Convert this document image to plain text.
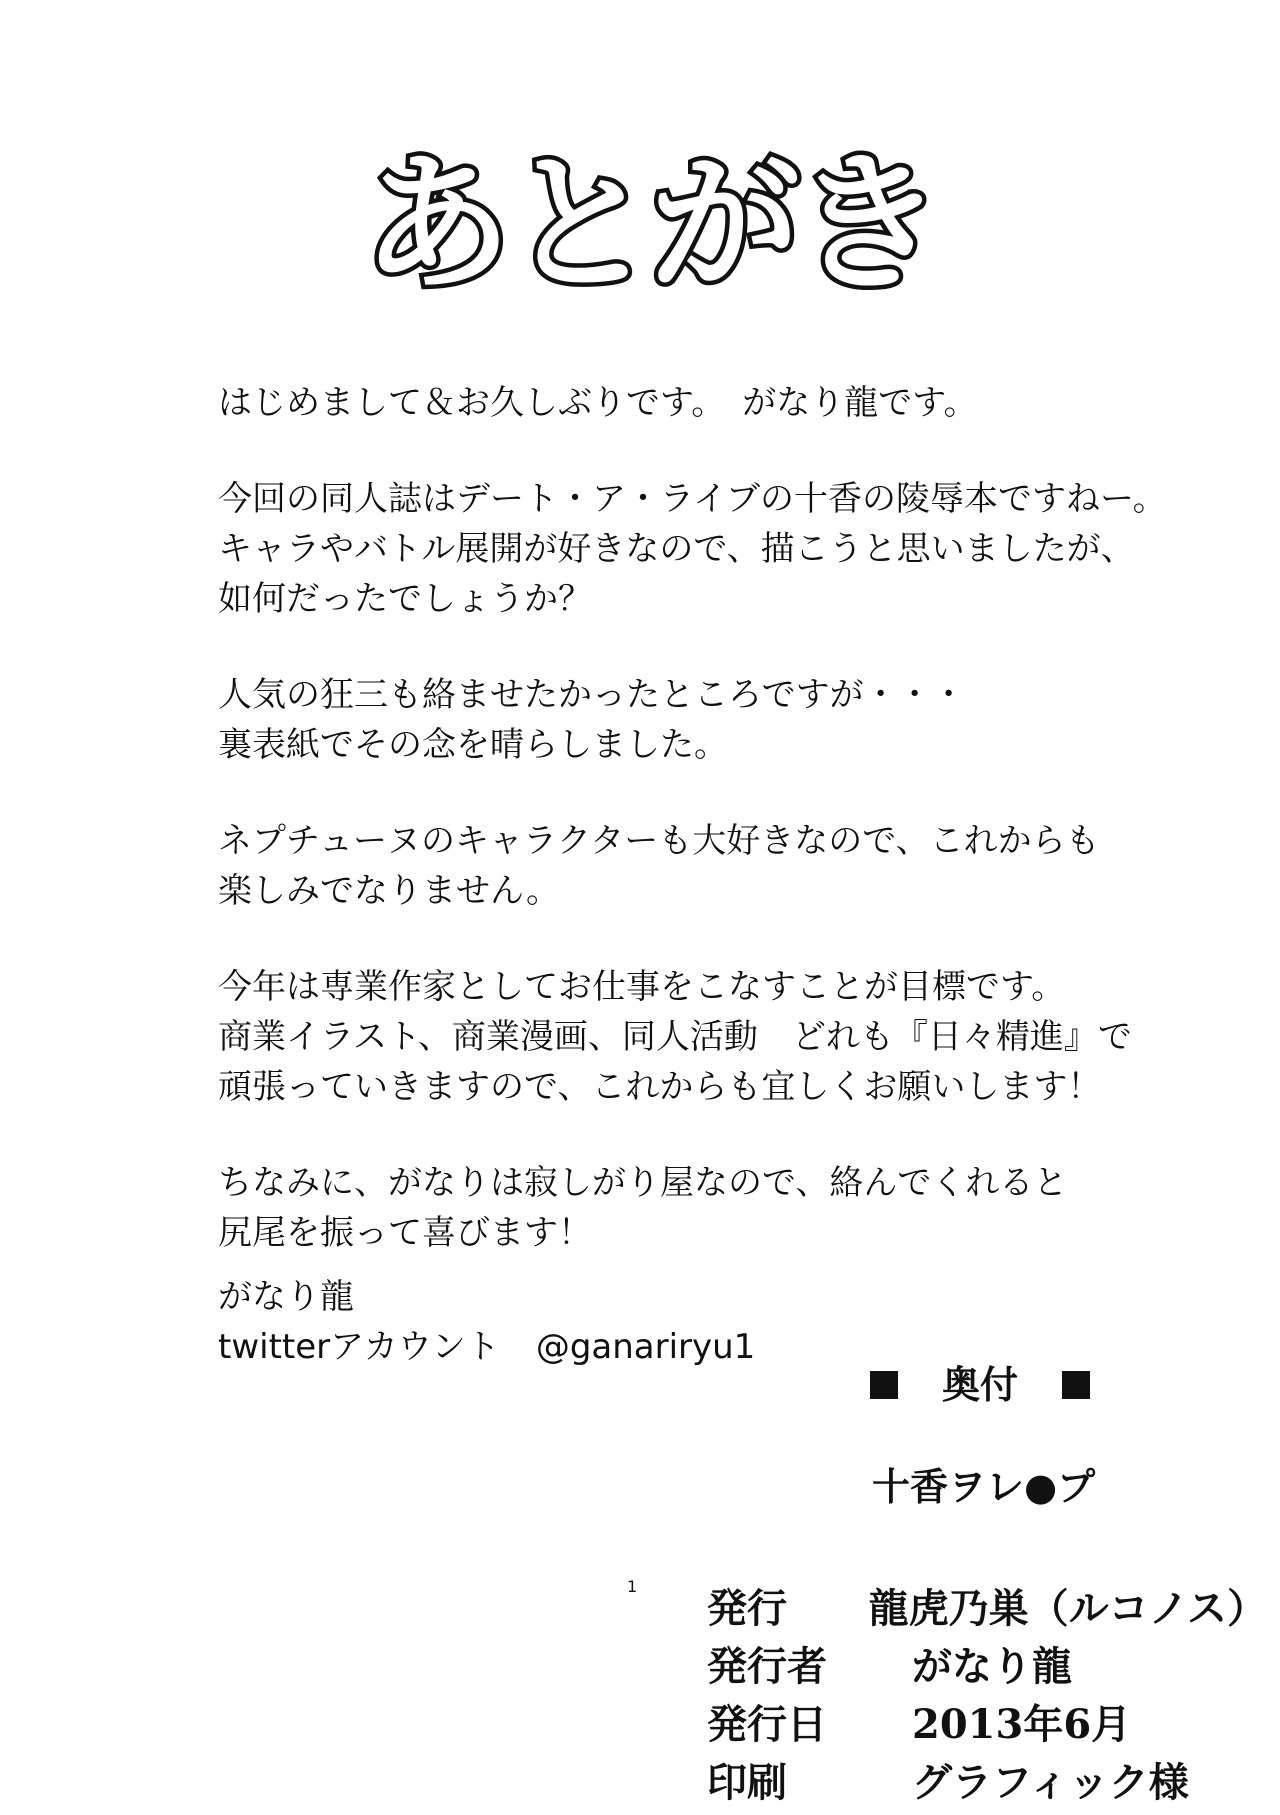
あとがき
はじめまして＆お久しぶりです。　がなり龍です。
今回の同人誌はデート・ア・ライブの十香の陵辱本ですねー。
キャラやバトル展開が好きなので、描こうと思いましたが、
如何だったでしょうか？
人気の狂三も絡ませたかったところですが・・・
裏表紙でその念を晴らしました。
ネプチューヌのキャラクターも大好きなので、これからも
楽しみでなりません。
今年は専業作家としてお仕事をこなすことが目標です。
商業イラスト、商業漫画、同人活動　どれも『日々精進』で
頑張っていきますので、これからも宜しくお願いします！
ちなみに、がなりは寂しがり屋なので、絡んでくれると
尻尾を振って喜びます！
がなり龍
twitterアカウント @ganariryu1
奥付
十香ヲレ●プ
1 発行	龍虎乃巣（ルコノス）
発行者	がなり龍
発行日	2013年6月
印刷	グラフィック様
